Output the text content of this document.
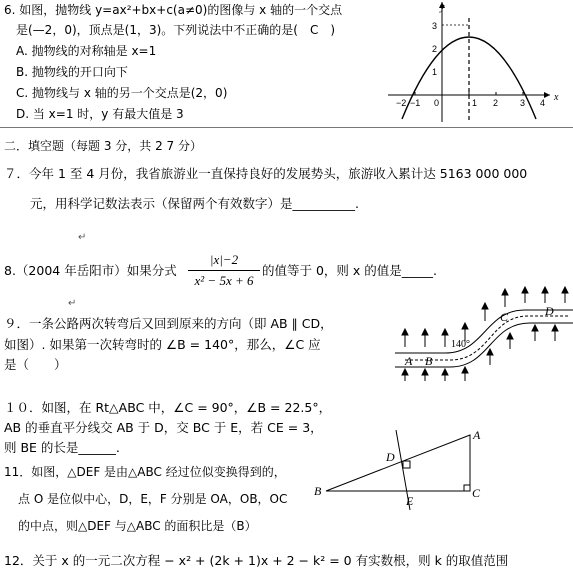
6. 如图，抛物线 y=ax²+bx+c(a≠0)的图像与 x 轴的一个交点
是(—2，0)，顶点是(1，3)。下列说法中不正确的是(　C　)
A. 抛物线的对称轴是 x=1
B. 抛物线的开口向下
C. 抛物线与 x 轴的另一个交点是(2，0)
D. 当 x=1 时，y 有最大值是 3
y
3
2
1
−2 −1 0	1 2 3 4 x
二．填空题（每题 3 分，共 2 7 分）
７．今年 1 至 4 月份，我省旅游业一直保持良好的发展势头，旅游收入累计达 5163 000 000
元，用科学记数法表示（保留两个有效数字）是__________.
↵
8.（2004 年岳阳市）如果分式
|x|−2
x² − 5x + 6
的值等于 0，则 x 的值是_____.
↵
９．一条公路两次转弯后又回到原来的方向（即 AB ∥ CD，
如图）. 如果第一次转弯时的 ∠B = 140°，那么，∠C 应
是（　　）	A B
140°
C	D
１０．如图，在 Rt△ABC 中，∠C = 90°，∠B = 22.5°，
AB 的垂直平分线交 AB 于 D，交 BC 于 E，若 CE = 3，
则 BE 的长是______.
B
A
C
D
E
11．如图，△DEF 是由△ABC 经过位似变换得到的，
点 O 是位似中心，D，E，F 分别是 OA，OB，OC
的中点，则△DEF 与△ABC 的面积比是（B）
12．关于 x 的一元二次方程 − x² + (2k + 1)x + 2 − k² = 0 有实数根，则 k 的取值范围
